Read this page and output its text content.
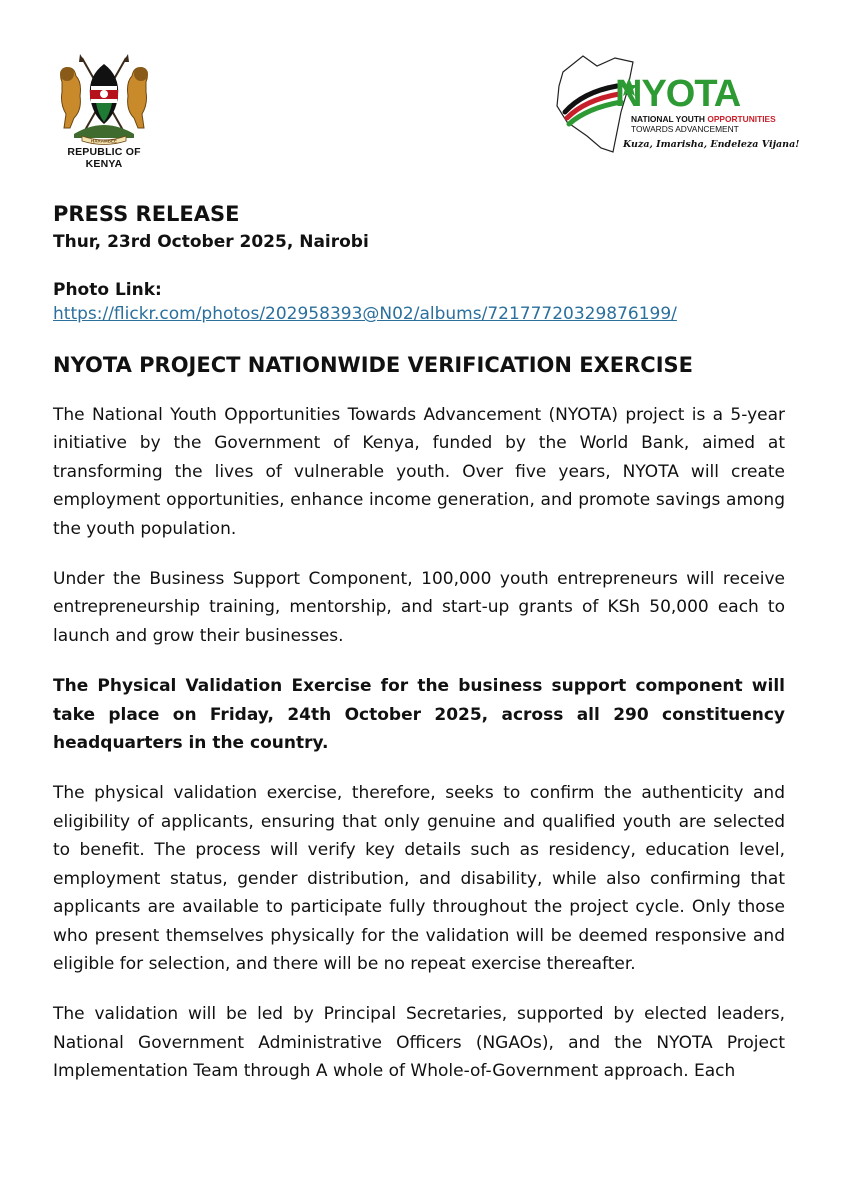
HARAMBEE
REPUBLIC OF KENYA
NYOTA
NATIONAL YOUTH OPPORTUNITIES
TOWARDS ADVANCEMENT
Kuza, Imarisha, Endeleza Vijana!
PRESS RELEASE
Thur, 23rd October 2025, Nairobi
Photo Link:
https://flickr.com/photos/202958393@N02/albums/72177720329876199/
NYOTA PROJECT NATIONWIDE VERIFICATION EXERCISE

The National Youth Opportunities Towards Advancement (NYOTA) project is a 5-year initiative by the Government of Kenya, funded by the World Bank, aimed at transforming the lives of vulnerable youth. Over five years, NYOTA will create employment opportunities, enhance income generation, and promote savings among the youth population.

Under the Business Support Component, 100,000 youth entrepreneurs will receive entrepreneurship training, mentorship, and start-up grants of KSh 50,000 each to launch and grow their businesses.

The Physical Validation Exercise for the business support component will take place on Friday, 24th October 2025, across all 290 constituency headquarters in the country.

The physical validation exercise, therefore, seeks to confirm the authenticity and eligibility of applicants, ensuring that only genuine and qualified youth are selected to benefit. The process will verify key details such as residency, education level, employment status, gender distribution, and disability, while also confirming that applicants are available to participate fully throughout the project cycle. Only those who present themselves physically for the validation will be deemed responsive and eligible for selection, and there will be no repeat exercise thereafter.

The validation will be led by Principal Secretaries, supported by elected leaders, National Government Administrative Officers (NGAOs), and the NYOTA Project Implementation Team through A whole of Whole-of-Government approach. Each
